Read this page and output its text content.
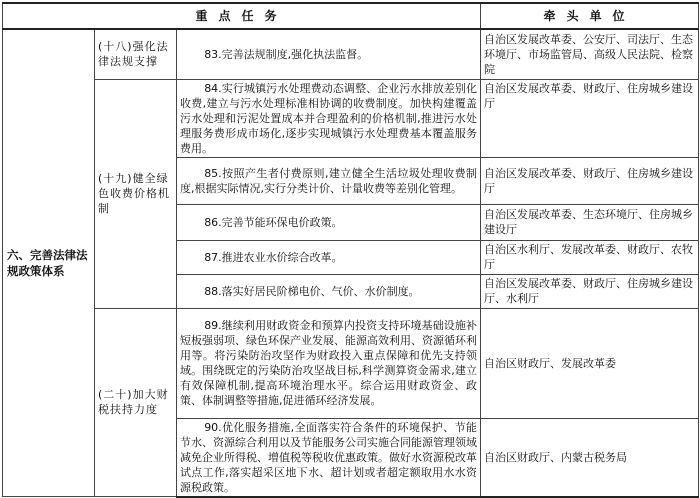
重点任务			牵头单位
六、完善法律法规政策体系	(十八)强化法律法规支撑	83.完善法规制度,强化执法监督。	自治区发展改革委、公安厅、司法厅、生态环境厅、市场监管局、高级人民法院、检察院
	(十九)健全绿色收费价格机制	84.实行城镇污水处理费动态调整、企业污水排放差别化收费,建立与污水处理标准相协调的收费制度。加快构建覆盖污水处理和污泥处置成本并合理盈利的价格机制,推进污水处理服务费形成市场化,逐步实现城镇污水处理费基本覆盖服务费用。	自治区发展改革委、财政厅、住房城乡建设厅
		85.按照产生者付费原则,建立健全生活垃圾处理收费制度,根据实际情况,实行分类计价、计量收费等差别化管理。	自治区发展改革委、财政厅、住房城乡建设厅
		86.完善节能环保电价政策。	自治区发展改革委、生态环境厅、住房城乡建设厅
		87.推进农业水价综合改革。	自治区水利厅、发展改革委、财政厅、农牧厅
		88.落实好居民阶梯电价、气价、水价制度。	自治区发展改革委、财政厅、住房城乡建设厅、水利厅
	(二十)加大财税扶持力度	89.继续利用财政资金和预算内投资支持环境基础设施补短板强弱项、绿色环保产业发展、能源高效利用、资源循环利用等。将污染防治攻坚作为财政投入重点保障和优先支持领域。围绕既定的污染防治攻坚战目标,科学测算资金需求,建立有效保障机制,提高环境治理水平。综合运用财政资金、政策、体制调整等措施,促进循环经济发展。	自治区财政厅、发展改革委
		90.优化服务措施,全面落实符合条件的环境保护、节能节水、资源综合利用以及节能服务公司实施合同能源管理领域减免企业所得税、增值税等税收优惠政策。做好水资源税改革试点工作,落实超采区地下水、超计划或者超定额取用水水资源税政策。	自治区财政厅、内蒙古税务局
